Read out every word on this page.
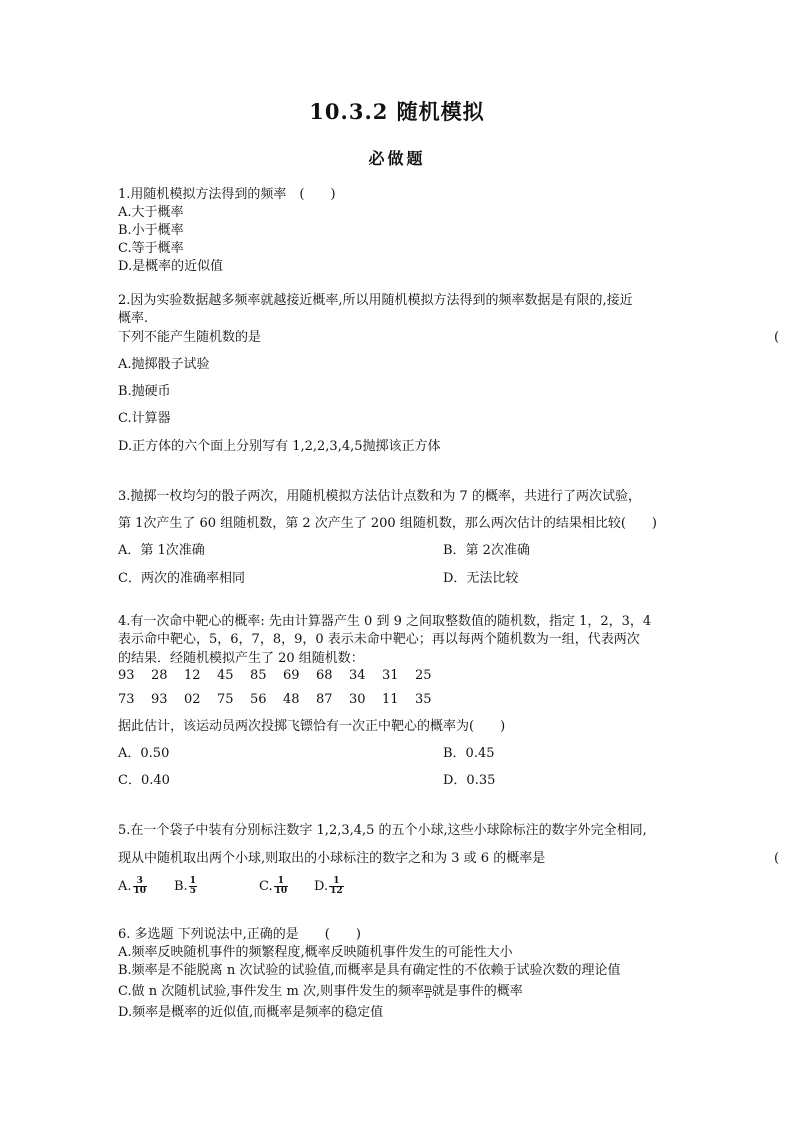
10.3.2 随机模拟
必做题
1.用随机模拟方法得到的频率　(　　)
A.大于概率
B.小于概率
C.等于概率
D.是概率的近似值
2.因为实验数据越多频率就越接近概率,所以用随机模拟方法得到的频率数据是有限的,接近
概率.
下列不能产生随机数的是	(
A.抛掷骰子试验
B.抛硬币
C.计算器
D.正方体的六个面上分别写有 1,2,2,3,4,5抛掷该正方体
3.抛掷一枚均匀的骰子两次，用随机模拟方法估计点数和为 7 的概率，共进行了两次试验，
第 1次产生了 60 组随机数，第 2 次产生了 200 组随机数，那么两次估计的结果相比较(　　)
A．第 1次准确	B．第 2次准确
C．两次的准确率相同	D．无法比较
4.有一次命中靶心的概率: 先由计算器产生 0 到 9 之间取整数值的随机数，指定 1，2，3，4
表示命中靶心，5，6，7，8，9，0 表示未命中靶心；再以每两个随机数为一组，代表两次
的结果．经随机模拟产生了 20 组随机数：
93 28 12 45 85 69 68 34 31 25
73 93 02 75 56 48 87 30 11 35
据此估计，该运动员两次投掷飞镖恰有一次正中靶心的概率为(　　)
A．0.50	B．0.45
C．0.40	D．0.35
5.在一个袋子中装有分别标注数字 1,2,3,4,5 的五个小球,这些小球除标注的数字外完全相同,
现从中随机取出两个小球,则取出的小球标注的数字之和为 3 或 6 的概率是	(
A. $\frac{3}{10} B$. $\frac{1}{5}$	C. $\frac{1}{10} D$. $\frac{1}{12}$
6. 多选题 下列说法中,正确的是　　(　　)
A.频率反映随机事件的频繁程度,概率反映随机事件发生的可能性大小
B.频率是不能脱离 n 次试验的试验值,而概率是具有确定性的不依赖于试验次数的理论值
C.做 n 次随机试验,事件发生 m 次,则事件发生的频率 $\frac{m}{n}$ 就是事件的概率
D.频率是概率的近似值,而概率是频率的稳定值
